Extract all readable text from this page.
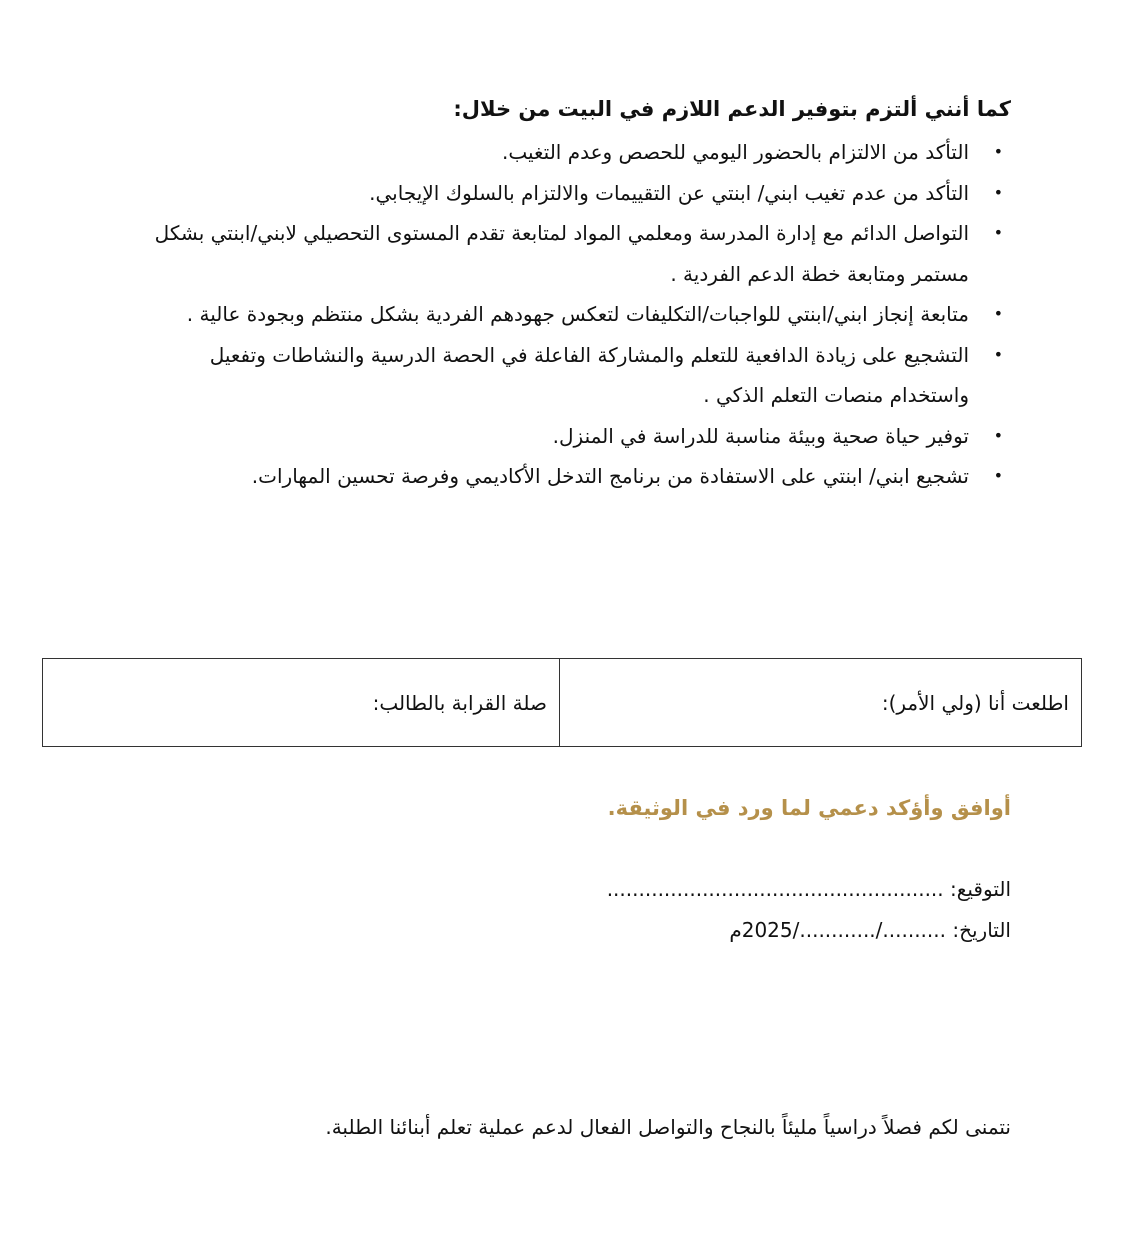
كما أنني ألتزم بتوفير الدعم اللازم في البيت من خلال:

•
التأكد من الالتزام بالحضور اليومي للحصص وعدم التغيب.
•
التأكد من عدم تغيب ابني/ ابنتي عن التقييمات والالتزام بالسلوك الإيجابي.
•
التواصل الدائم مع إدارة المدرسة ومعلمي المواد لمتابعة تقدم المستوى التحصيلي لابني/ابنتي بشكل مستمر ومتابعة خطة الدعم الفردية .
•
متابعة إنجاز ابني/ابنتي للواجبات/التكليفات لتعكس جهودهم الفردية بشكل منتظم وبجودة عالية .
•
التشجيع على زيادة الدافعية للتعلم والمشاركة الفاعلة في الحصة الدرسية والنشاطات وتفعيل واستخدام منصات التعلم الذكي .
•
توفير حياة صحية وبيئة مناسبة للدراسة في المنزل.
•
تشجيع ابني/ ابنتي على الاستفادة من برنامج التدخل الأكاديمي وفرصة تحسين المهارات.
اطلعت أنا (ولي الأمر):	صلة القرابة بالطالب:

أوافق وأؤكد دعمي لما ورد في الوثيقة.

التوقيع: .....................................................

التاريخ: ........../............/2025م

نتمنى لكم فصلاً دراسياً مليئاً بالنجاح والتواصل الفعال لدعم عملية تعلم أبنائنا الطلبة.
